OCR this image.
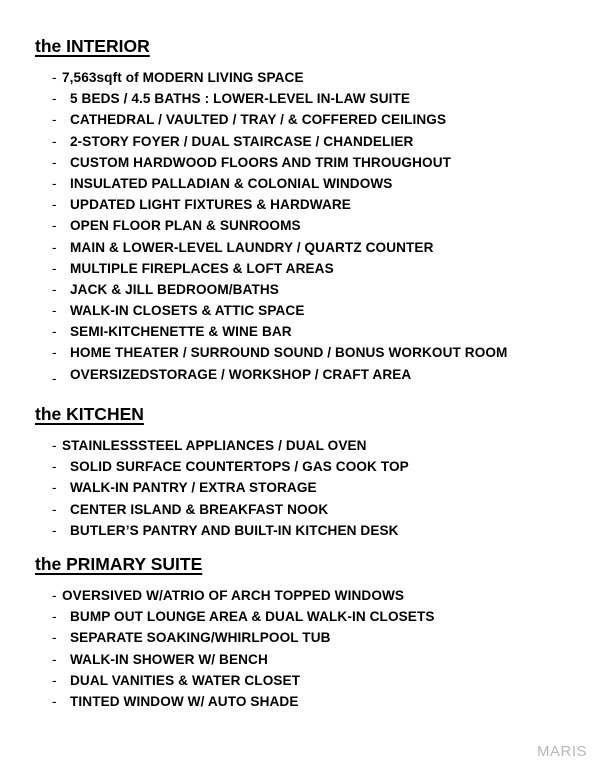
the INTERIOR
- 7,563sqft of MODERN LIVING SPACE
- 5 BEDS / 4.5 BATHS : LOWER-LEVEL IN-LAW SUITE
- CATHEDRAL / VAULTED / TRAY / & COFFERED CEILINGS
- 2-STORY FOYER / DUAL STAIRCASE / CHANDELIER
- CUSTOM HARDWOOD FLOORS AND TRIM THROUGHOUT
- INSULATED PALLADIAN & COLONIAL WINDOWS
- UPDATED LIGHT FIXTURES & HARDWARE
- OPEN FLOOR PLAN & SUNROOMS
- MAIN & LOWER-LEVEL LAUNDRY / QUARTZ COUNTER
- MULTIPLE FIREPLACES & LOFT AREAS
- JACK & JILL BEDROOM/BATHS
- WALK-IN CLOSETS & ATTIC SPACE
- SEMI-KITCHENETTE & WINE BAR
- HOME THEATER / SURROUND SOUND / BONUS WORKOUT ROOM
- OVERSIZEDSTORAGE / WORKSHOP / CRAFT AREA
the KITCHEN
- STAINLESSSTEEL APPLIANCES / DUAL OVEN
- SOLID SURFACE COUNTERTOPS / GAS COOK TOP
- WALK-IN PANTRY / EXTRA STORAGE
- CENTER ISLAND & BREAKFAST NOOK
- BUTLER’S PANTRY AND BUILT-IN KITCHEN DESK
the PRIMARY SUITE
- OVERSIVED W/ATRIO OF ARCH TOPPED WINDOWS
- BUMP OUT LOUNGE AREA & DUAL WALK-IN CLOSETS
- SEPARATE SOAKING/WHIRLPOOL TUB
- WALK-IN SHOWER W/ BENCH
- DUAL VANITIES & WATER CLOSET
- TINTED WINDOW W/ AUTO SHADE
MARIS
